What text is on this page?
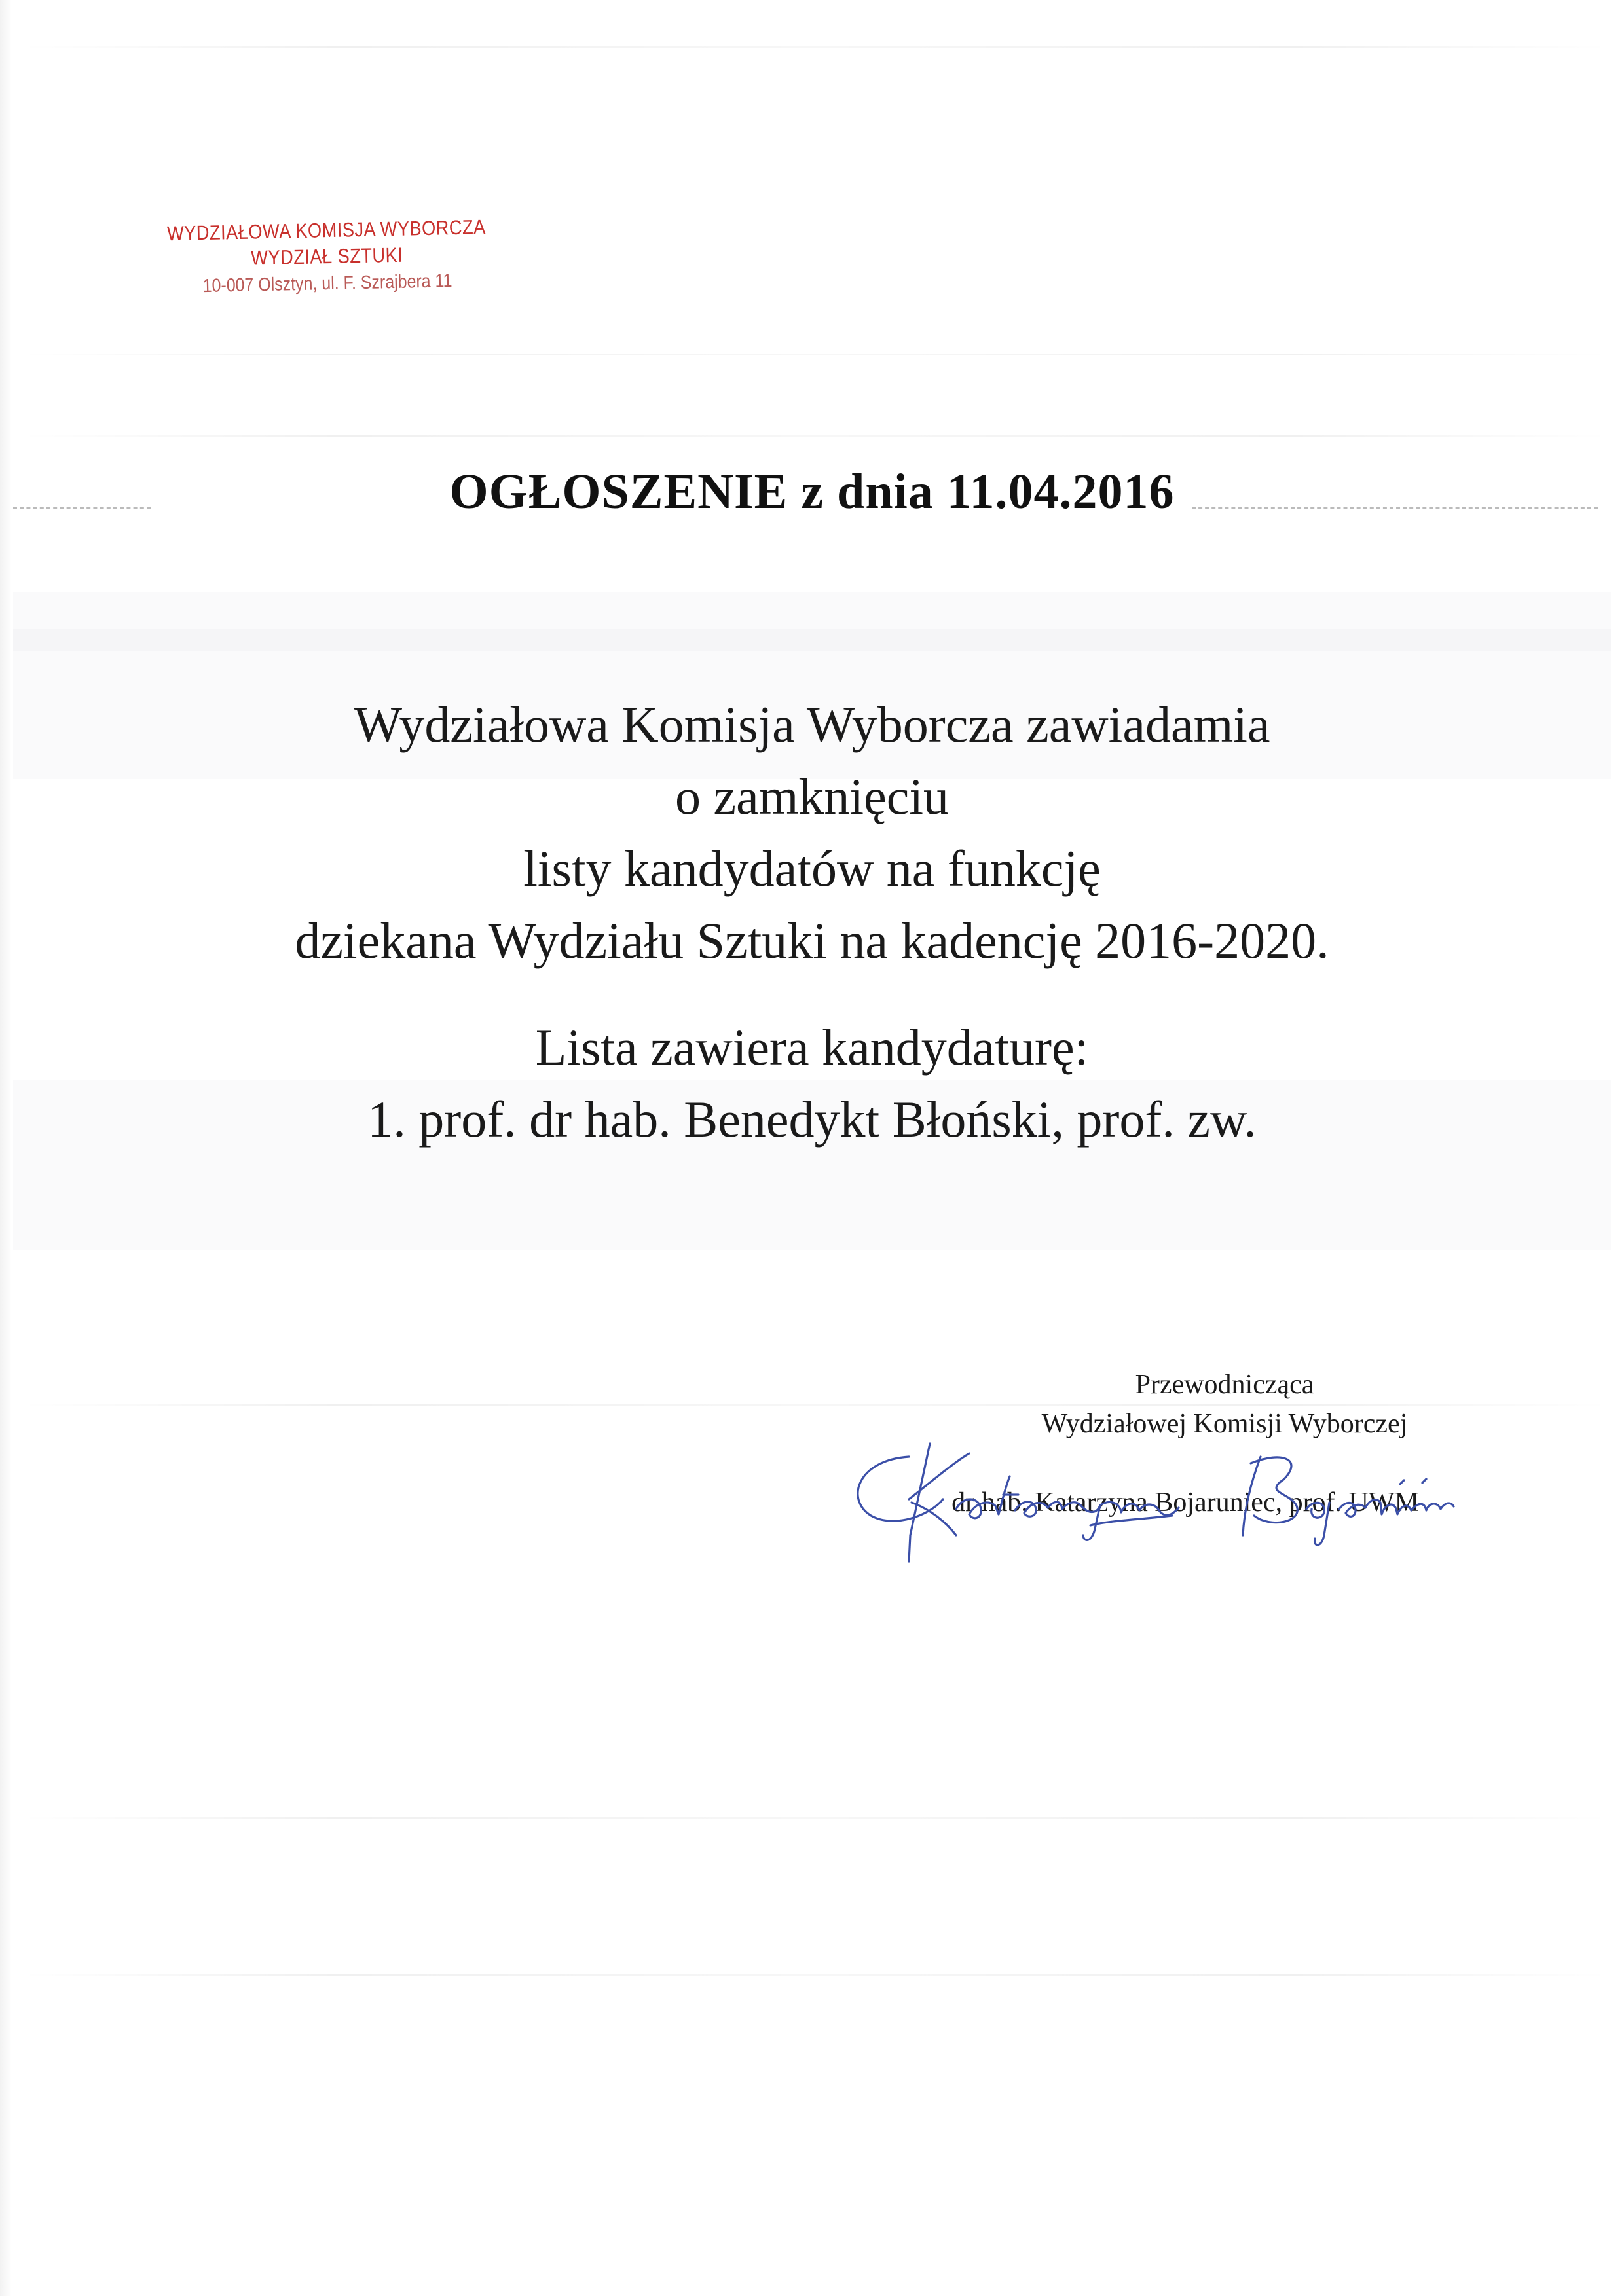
WYDZIAŁOWA KOMISJA WYBORCZA
WYDZIAŁ SZTUKI
10-007 Olsztyn, ul. F. Szrajbera 11
OGŁOSZENIE z dnia 11.04.2016
Wydziałowa Komisja Wyborcza zawiadamia
o zamknięciu
listy kandydatów na funkcję
dziekana Wydziału Sztuki na kadencję 2016-2020.
Lista zawiera kandydaturę:
1. prof. dr hab. Benedykt Błoński, prof. zw.
Przewodnicząca
Wydziałowej Komisji Wyborczej
dr hab. Katarzyna Bojaruniec, prof. UWM
